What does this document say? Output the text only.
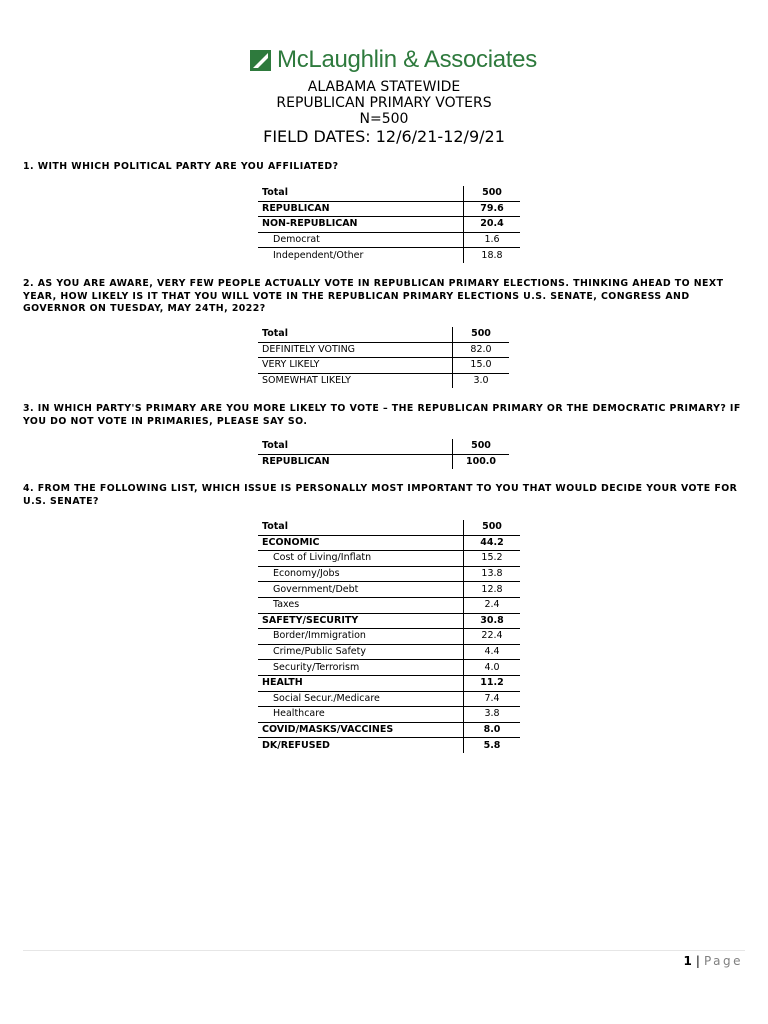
McLaughlin & Associates
ALABAMA STATEWIDE
REPUBLICAN PRIMARY VOTERS
N=500
FIELD DATES: 12/6/21-12/9/21
1. WITH WHICH POLITICAL PARTY ARE YOU AFFILIATED?
Total	500
REPUBLICAN	79.6
NON-REPUBLICAN	20.4
Democrat	1.6
Independent/Other	18.8
2. AS YOU ARE AWARE, VERY FEW PEOPLE ACTUALLY VOTE IN REPUBLICAN PRIMARY ELECTIONS. THINKING AHEAD TO NEXT YEAR, HOW LIKELY IS IT THAT YOU WILL VOTE IN THE REPUBLICAN PRIMARY ELECTIONS U.S. SENATE, CONGRESS AND GOVERNOR ON TUESDAY, MAY 24TH, 2022?
Total	500
DEFINITELY VOTING	82.0
VERY LIKELY	15.0
SOMEWHAT LIKELY	3.0
3. IN WHICH PARTY'S PRIMARY ARE YOU MORE LIKELY TO VOTE – THE REPUBLICAN PRIMARY OR THE DEMOCRATIC PRIMARY? IF YOU DO NOT VOTE IN PRIMARIES, PLEASE SAY SO.
Total	500
REPUBLICAN	100.0
4. FROM THE FOLLOWING LIST, WHICH ISSUE IS PERSONALLY MOST IMPORTANT TO YOU THAT WOULD DECIDE YOUR VOTE FOR U.S. SENATE?
Total	500
ECONOMIC	44.2
Cost of Living/Inflatn	15.2
Economy/Jobs	13.8
Government/Debt	12.8
Taxes	2.4
SAFETY/SECURITY	30.8
Border/Immigration	22.4
Crime/Public Safety	4.4
Security/Terrorism	4.0
HEALTH	11.2
Social Secur./Medicare	7.4
Healthcare	3.8
COVID/MASKS/VACCINES	8.0
DK/REFUSED	5.8
1 | Page
